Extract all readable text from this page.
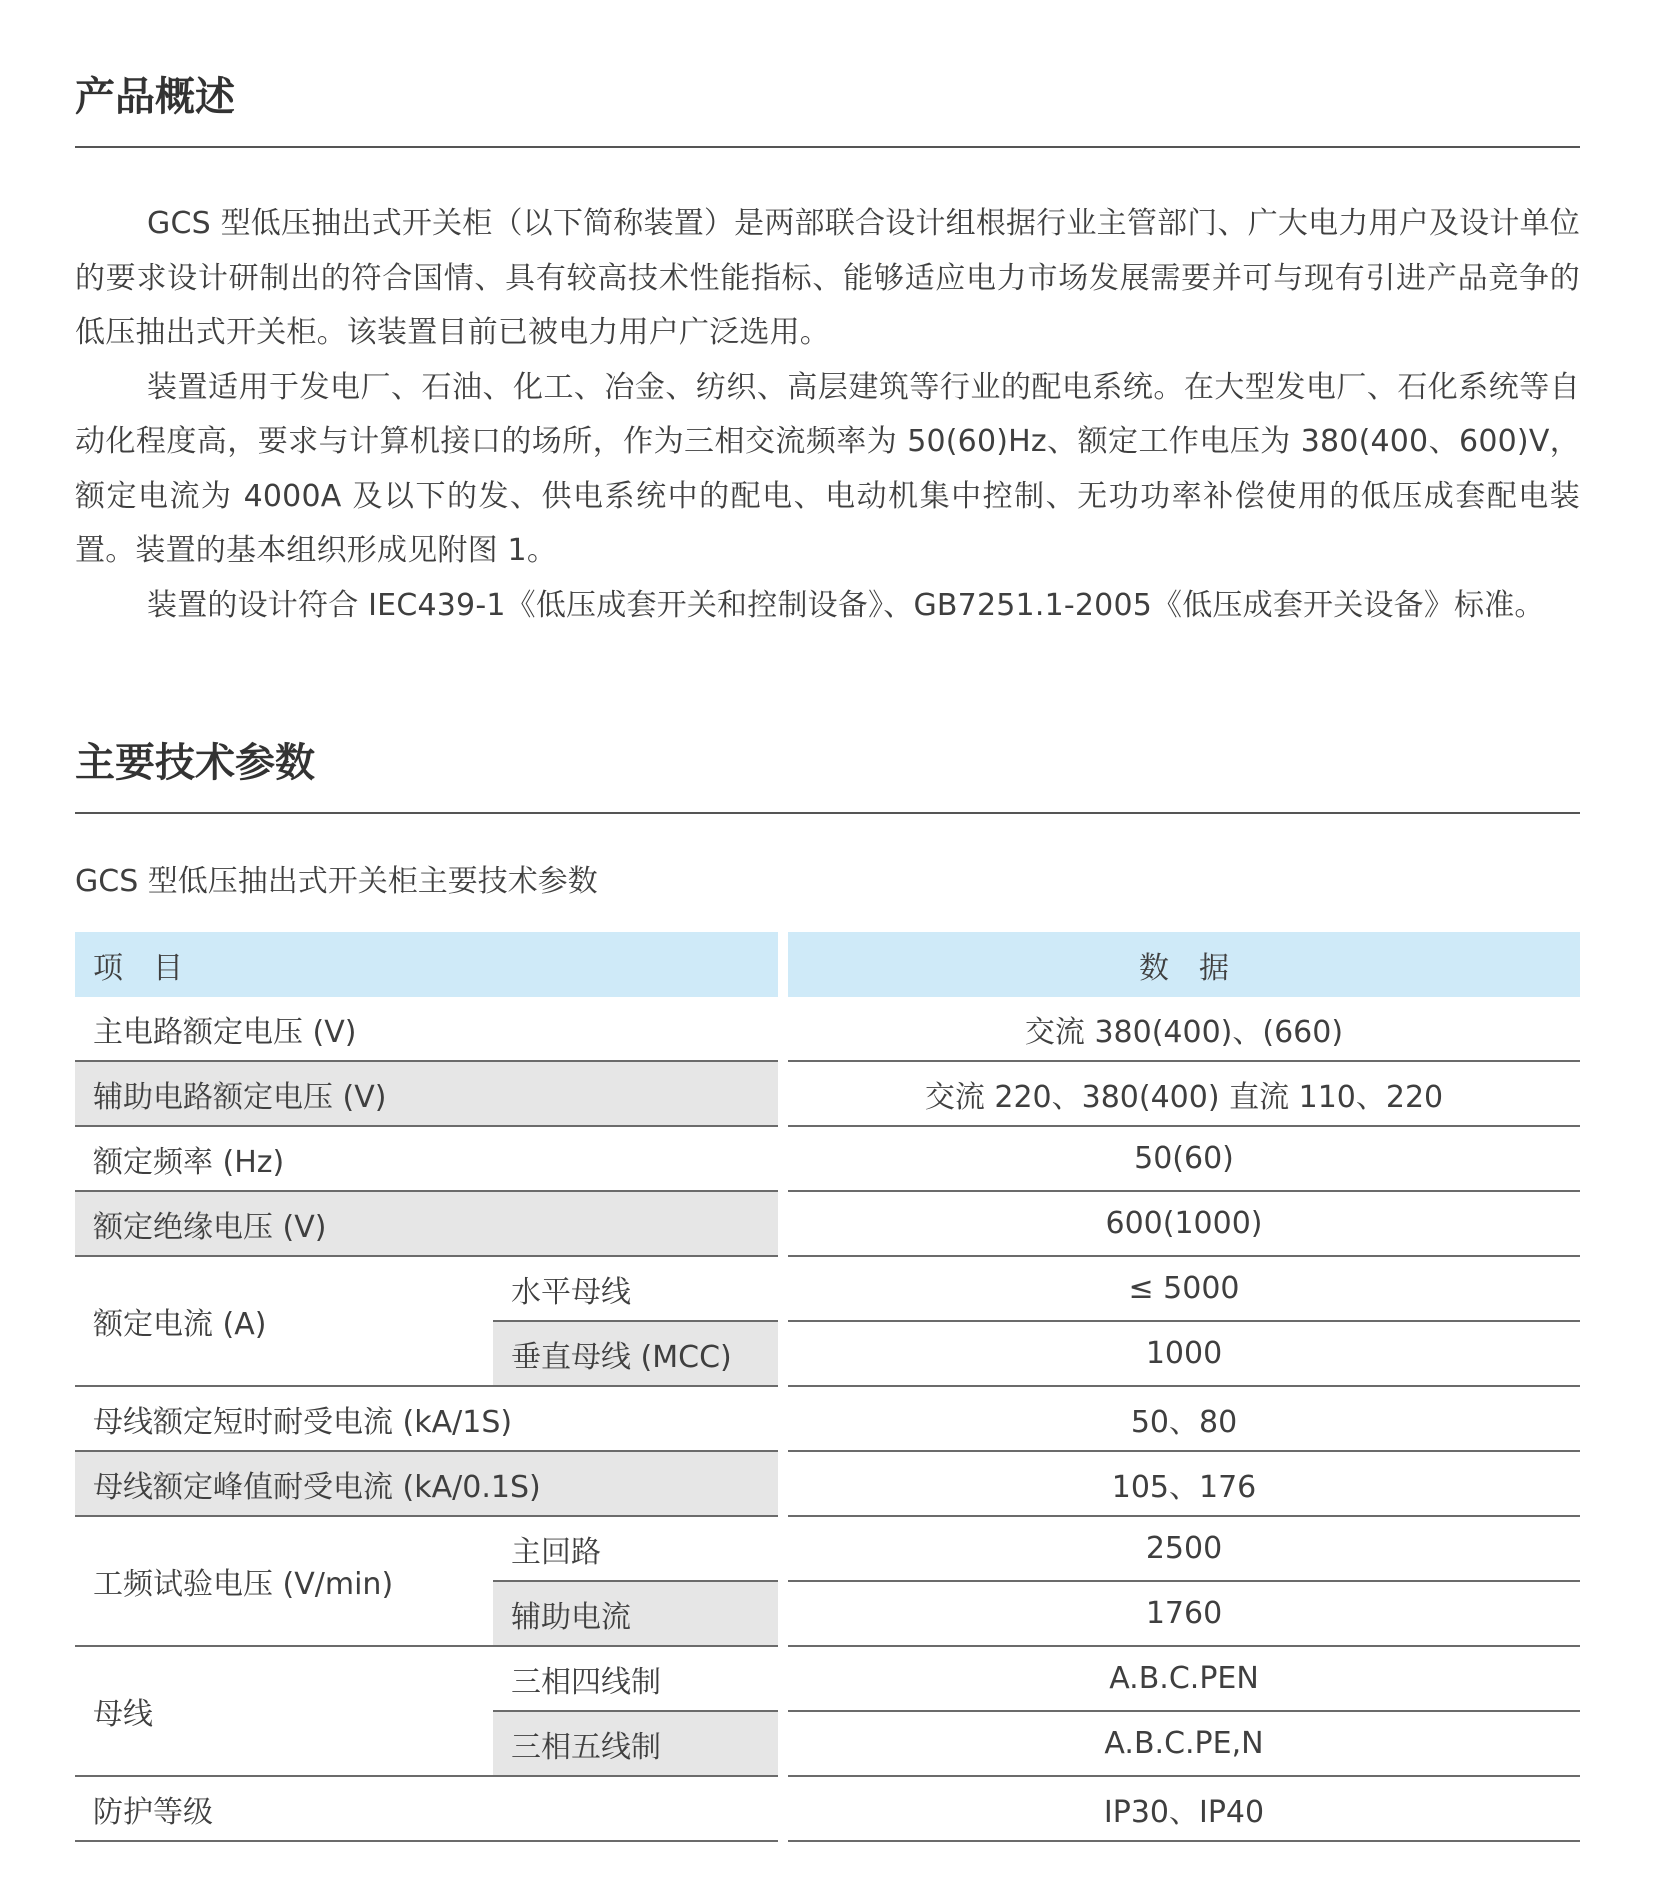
产品概述

GCS 型低压抽出式开关柜（以下简称装置）是两部联合设计组根据行业主管部门、广大电力用户及设计单位的要求设计研制出的符合国情、具有较高技术性能指标、能够适应电力市场发展需要并可与现有引进产品竞争的低压抽出式开关柜。该装置目前已被电力用户广泛选用。

装置适用于发电厂、石油、化工、冶金、纺织、高层建筑等行业的配电系统。在大型发电厂、石化系统等自动化程度高，要求与计算机接口的场所，作为三相交流频率为 50(60)Hz、额定工作电压为 380(400、600)V，额定电流为 4000A 及以下的发、供电系统中的配电、电动机集中控制、无功功率补偿使用的低压成套配电装置。装置的基本组织形成见附图 1。

装置的设计符合 IEC439-1《低压成套开关和控制设备》、GB7251.1-2005《低压成套开关设备》标准。

主要技术参数
GCS 型低压抽出式开关柜主要技术参数
项　目			数　据
主电路额定电压 (V)			交流 380(400)、(660)
辅助电路额定电压 (V)			交流 220、380(400) 直流 110、220
额定频率 (Hz)			50(60)
额定绝缘电压 (V)			600(1000)
额定电流 (A)	水平母线		≤ 5000
	垂直母线 (MCC)		1000
母线额定短时耐受电流 (kA/1S)			50、80
母线额定峰值耐受电流 (kA/0.1S)			105、176
工频试验电压 (V/min)	主回路		2500
	辅助电流		1760
母线	三相四线制		A.B.C.PEN
	三相五线制		A.B.C.PE,N
防护等级			IP30、IP40
